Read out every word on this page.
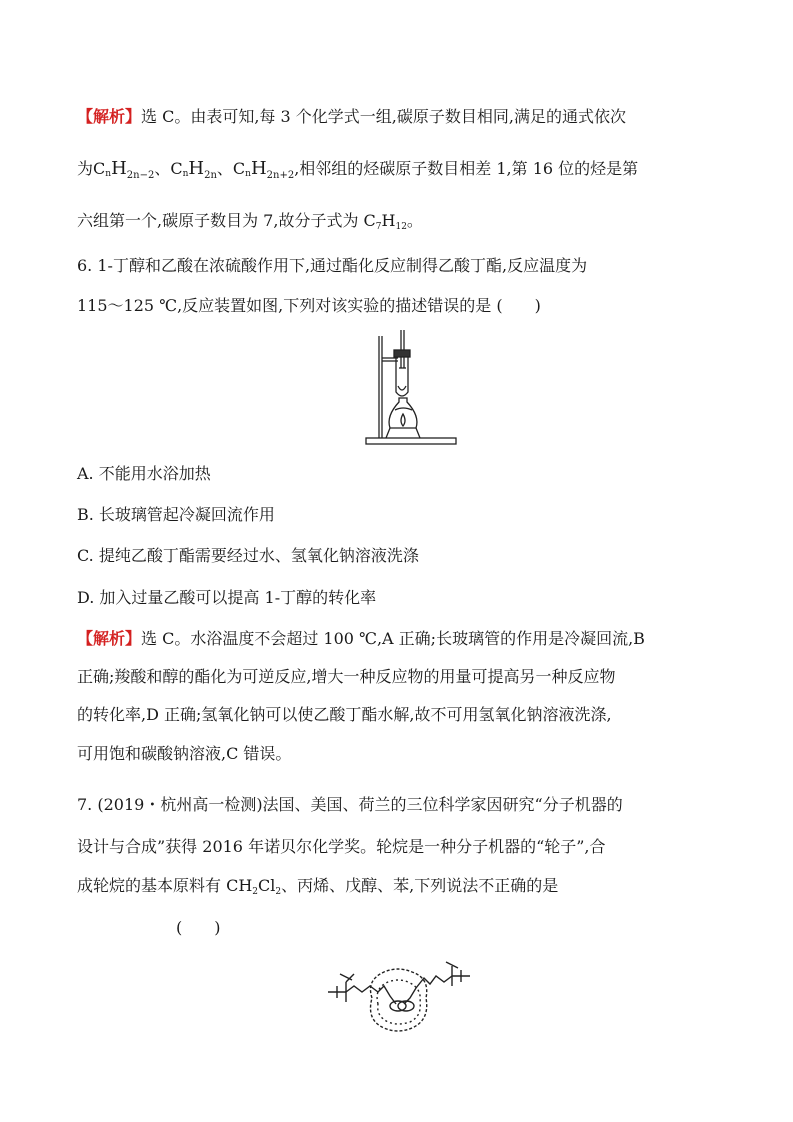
【解析】选 C。由表可知,每 3 个化学式一组,碳原子数目相同,满足的通式依次
为CnH$_{2n-2}$、CnH$_{2n}$、CnH$_{2n+2}$,相邻组的烃碳原子数目相差 1,第 16 位的烃是第
六组第一个,碳原子数目为 7,故分子式为 $C_7H_{12}$。
6. 1-丁醇和乙酸在浓硫酸作用下,通过酯化反应制得乙酸丁酯,反应温度为
115～125 ℃,反应装置如图,下列对该实验的描述错误的是 (　　)
A. 不能用水浴加热
B. 长玻璃管起冷凝回流作用
C. 提纯乙酸丁酯需要经过水、氢氧化钠溶液洗涤
D. 加入过量乙酸可以提高 1-丁醇的转化率
【解析】选 C。水浴温度不会超过 100 ℃,A 正确;长玻璃管的作用是冷凝回流,B
正确;羧酸和醇的酯化为可逆反应,增大一种反应物的用量可提高另一种反应物
的转化率,D 正确;氢氧化钠可以使乙酸丁酯水解,故不可用氢氧化钠溶液洗涤,
可用饱和碳酸钠溶液,C 错误。
7. (2019・杭州高一检测)法国、美国、荷兰的三位科学家因研究“分子机器的
设计与合成”获得 2016 年诺贝尔化学奖。轮烷是一种分子机器的“轮子”,合
成轮烷的基本原料有 $CH_2Cl_2$、丙烯、戊醇、苯,下列说法不正确的是
(　　)
